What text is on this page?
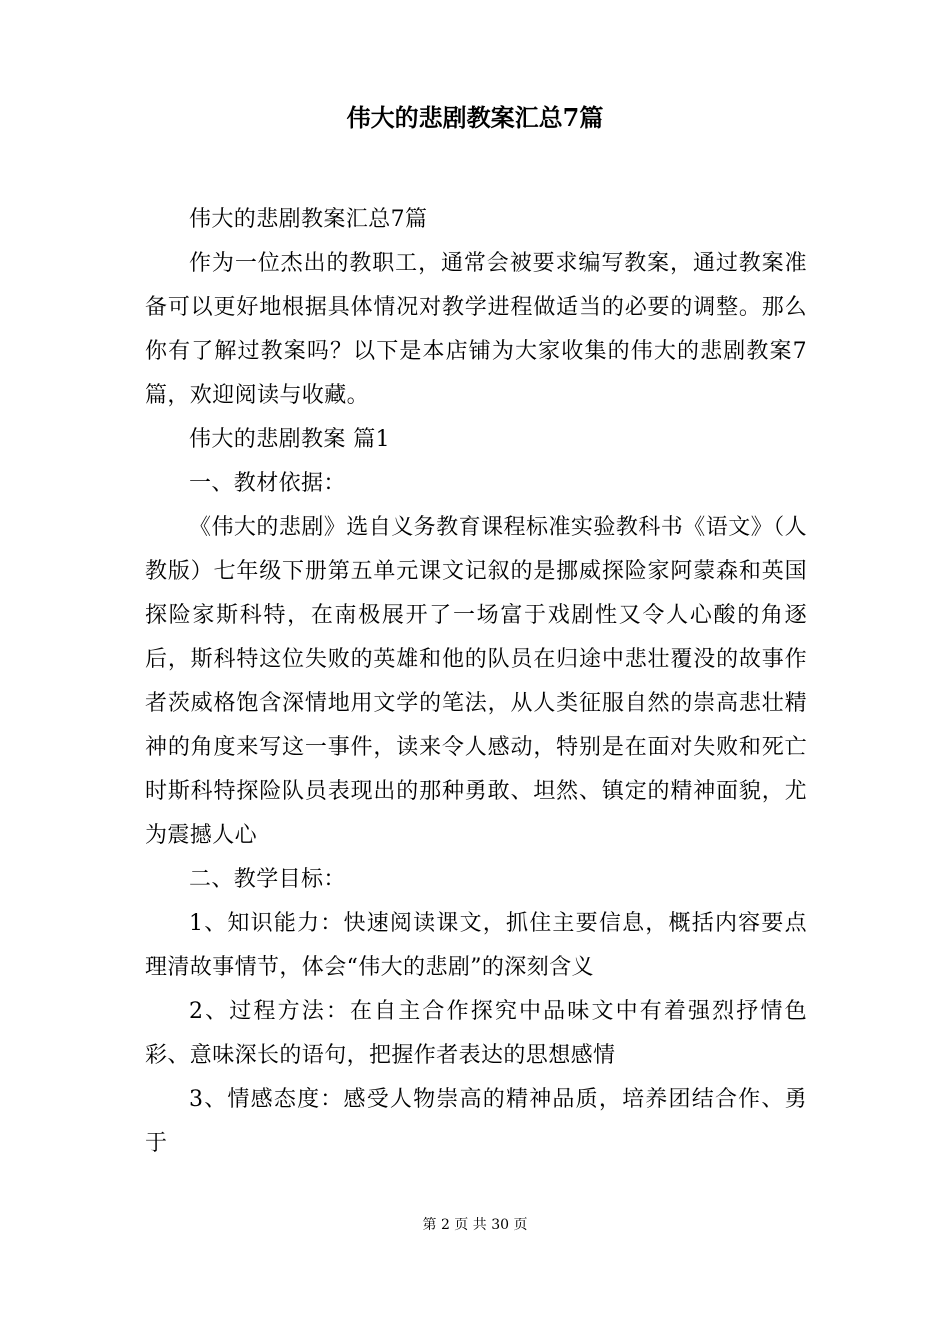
伟大的悲剧教案汇总7篇

伟大的悲剧教案汇总7篇

作为一位杰出的教职工，通常会被要求编写教案，通过教案准备可以更好地根据具体情况对教学进程做适当的必要的调整。那么你有了解过教案吗？以下是本店铺为大家收集的伟大的悲剧教案7篇，欢迎阅读与收藏。

伟大的悲剧教案 篇1

一、教材依据：

《伟大的悲剧》选自义务教育课程标准实验教科书《语文》（人教版）七年级下册第五单元课文记叙的是挪威探险家阿蒙森和英国探险家斯科特，在南极展开了一场富于戏剧性又令人心酸的角逐后，斯科特这位失败的英雄和他的队员在归途中悲壮覆没的故事作者茨威格饱含深情地用文学的笔法，从人类征服自然的崇高悲壮精神的角度来写这一事件，读来令人感动，特别是在面对失败和死亡时斯科特探险队员表现出的那种勇敢、坦然、镇定的精神面貌，尤为震撼人心

二、教学目标：

1、知识能力：快速阅读课文，抓住主要信息，概括内容要点理清故事情节，体会“伟大的悲剧”的深刻含义

2、过程方法：在自主合作探究中品味文中有着强烈抒情色彩、意味深长的语句，把握作者表达的思想感情

3、情感态度：感受人物崇高的精神品质，培养团结合作、勇于

第 2 页 共 30 页
